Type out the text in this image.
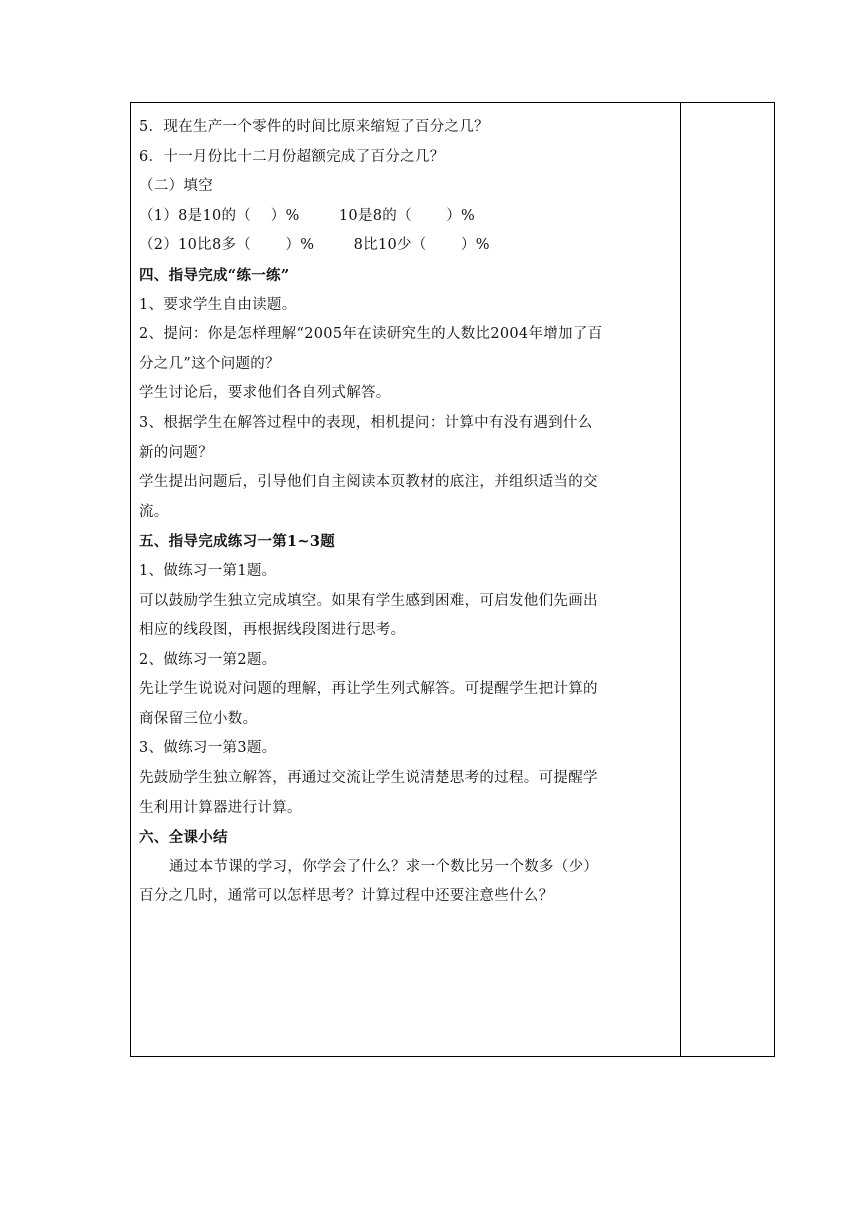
5．现在生产一个零件的时间比原来缩短了百分之几？
6．十一月份比十二月份超额完成了百分之几？
（二）填空
（1）8是10的（    ）%        10是8的（       ）%
（2）10比8多（       ）%        8比10少（       ）%
四、指导完成“练一练”
1、要求学生自由读题。
2、提问：你是怎样理解“2005年在读研究生的人数比2004年增加了百
分之几”这个问题的？
学生讨论后，要求他们各自列式解答。
3、根据学生在解答过程中的表现，相机提问：计算中有没有遇到什么
新的问题？
学生提出问题后，引导他们自主阅读本页教材的底注，并组织适当的交
流。
五、指导完成练习一第1~3题
1、做练习一第1题。
可以鼓励学生独立完成填空。如果有学生感到困难，可启发他们先画出
相应的线段图，再根据线段图进行思考。
2、做练习一第2题。
先让学生说说对问题的理解，再让学生列式解答。可提醒学生把计算的
商保留三位小数。
3、做练习一第3题。
先鼓励学生独立解答，再通过交流让学生说清楚思考的过程。可提醒学
生利用计算器进行计算。
六、全课小结
通过本节课的学习，你学会了什么？求一个数比另一个数多（少）
百分之几时，通常可以怎样思考？计算过程中还要注意些什么？
